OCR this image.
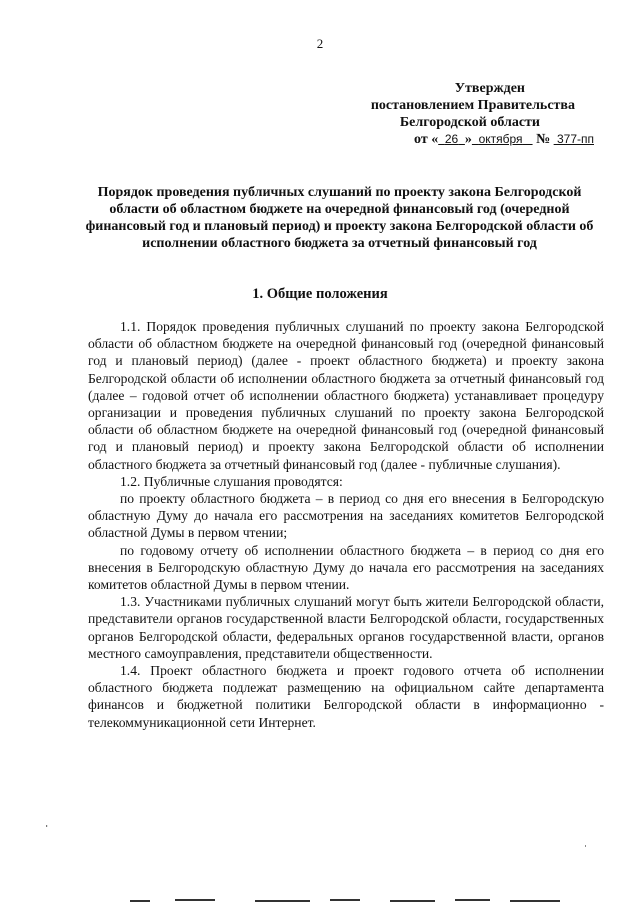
2
Утвержден
постановлением Правительства
Белгородской области
от « 26 » октября № 377-пп
Порядок проведения публичных слушаний по проекту закона Белгородской области об областном бюджете на очередной финансовый год (очередной финансовый год и плановый период) и проекту закона Белгородской области об исполнении областного бюджета за отчетный финансовый год
1. Общие положения

1.1. Порядок проведения публичных слушаний по проекту закона Белгородской области об областном бюджете на очередной финансовый год (очередной финансовый год и плановый период) (далее - проект областного бюджета) и проекту закона Белгородской области об исполнении областного бюджета за отчетный финансовый год (далее – годовой отчет об исполнении областного бюджета) устанавливает процедуру организации и проведения публичных слушаний по проекту закона Белгородской области об областном бюджете на очередной финансовый год (очередной финансовый год и плановый период) и проекту закона Белгородской области об исполнении областного бюджета за отчетный финансовый год (далее - публичные слушания).

1.2. Публичные слушания проводятся:

по проекту областного бюджета – в период со дня его внесения в Белгородскую областную Думу до начала его рассмотрения на заседаниях комитетов Белгородской областной Думы в первом чтении;

по годовому отчету об исполнении областного бюджета – в период со дня его внесения в Белгородскую областную Думу до начала его рассмотрения на заседаниях комитетов областной Думы в первом чтении.

1.3. Участниками публичных слушаний могут быть жители Белгородской области, представители органов государственной власти Белгородской области, государственных органов Белгородской области, федеральных органов государственной власти, органов местного самоуправления, представители общественности.

1.4. Проект областного бюджета и проект годового отчета об исполнении областного бюджета подлежат размещению на официальном сайте департамента финансов и бюджетной политики Белгородской области в информационно - телекоммуникационной сети Интернет.
